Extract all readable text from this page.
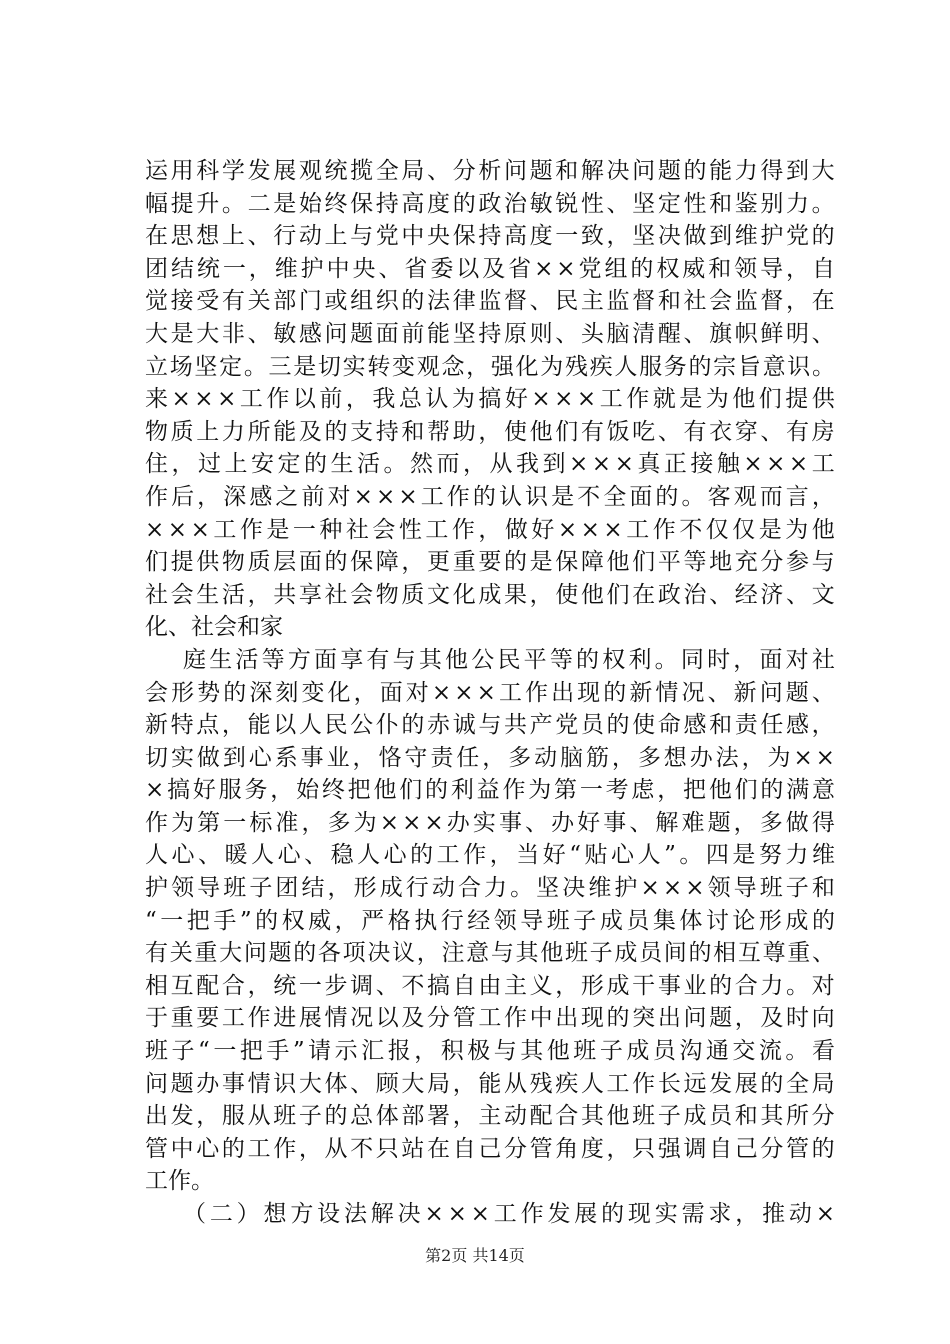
运 用 科 学 发 展 观 统 揽 全 局 、 分 析 问 题 和 解 决 问 题 的 能 力 得 到 大
幅 提 升 。 二 是 始 终 保 持 高 度 的 政 治 敏 锐 性 、 坚 定 性 和 鉴 别 力 。
在 思 想 上 、 行 动 上 与 党 中 央 保 持 高 度 一 致 ， 坚 决 做 到 维 护 党 的
团 结 统 一 ， 维 护 中 央 、 省 委 以 及 省 × × 党 组 的 权 威 和 领 导 ， 自
觉 接 受 有 关 部 门 或 组 织 的 法 律 监 督 、 民 主 监 督 和 社 会 监 督 ， 在
大 是 大 非 、 敏 感 问 题 面 前 能 坚 持 原 则 、 头 脑 清 醒 、 旗 帜 鲜 明 、
立 场 坚 定 。 三 是 切 实 转 变 观 念 ， 强 化 为 残 疾 人 服 务 的 宗 旨 意 识 。
来 × × × 工 作 以 前 ， 我 总 认 为 搞 好 × × × 工 作 就 是 为 他 们 提 供
物 质 上 力 所 能 及 的 支 持 和 帮 助 ， 使 他 们 有 饭 吃 、 有 衣 穿 、 有 房
住 ， 过 上 安 定 的 生 活 。 然 而 ， 从 我 到 × × × 真 正 接 触 × × × 工
作 后 ， 深 感 之 前 对 × × × 工 作 的 认 识 是 不 全 面 的 。 客 观 而 言 ，
× × × 工 作 是 一 种 社 会 性 工 作 ， 做 好 × × × 工 作 不 仅 仅 是 为 他
们 提 供 物 质 层 面 的 保 障 ， 更 重 要 的 是 保 障 他 们 平 等 地 充 分 参 与
社 会 生 活 ， 共 享 社 会 物 质 文 化 成 果 ， 使 他 们 在 政 治 、 经 济 、 文
化、社会和家
庭 生 活 等 方 面 享 有 与 其 他 公 民 平 等 的 权 利 。 同 时 ， 面 对 社
会 形 势 的 深 刻 变 化 ， 面 对 × × × 工 作 出 现 的 新 情 况 、 新 问 题 、
新 特 点 ， 能 以 人 民 公 仆 的 赤 诚 与 共 产 党 员 的 使 命 感 和 责 任 感 ，
切 实 做 到 心 系 事 业 ， 恪 守 责 任 ， 多 动 脑 筋 ， 多 想 办 法 ， 为 × ×
× 搞 好 服 务 ， 始 终 把 他 们 的 利 益 作 为 第 一 考 虑 ， 把 他 们 的 满 意
作 为 第 一 标 准 ， 多 为 × × × 办 实 事 、 办 好 事 、 解 难 题 ， 多 做 得
人 心 、 暖 人 心 、 稳 人 心 的 工 作 ， 当 好 “ 贴 心 人 ” 。 四 是 努 力 维
护 领 导 班 子 团 结 ， 形 成 行 动 合 力 。 坚 决 维 护 × × × 领 导 班 子 和
“ 一 把 手 ” 的 权 威 ， 严 格 执 行 经 领 导 班 子 成 员 集 体 讨 论 形 成 的
有 关 重 大 问 题 的 各 项 决 议 ， 注 意 与 其 他 班 子 成 员 间 的 相 互 尊 重 、
相 互 配 合 ， 统 一 步 调 、 不 搞 自 由 主 义 ， 形 成 干 事 业 的 合 力 。 对
于 重 要 工 作 进 展 情 况 以 及 分 管 工 作 中 出 现 的 突 出 问 题 ， 及 时 向
班 子 “ 一 把 手 ” 请 示 汇 报 ， 积 极 与 其 他 班 子 成 员 沟 通 交 流 。 看
问 题 办 事 情 识 大 体 、 顾 大 局 ， 能 从 残 疾 人 工 作 长 远 发 展 的 全 局
出 发 ， 服 从 班 子 的 总 体 部 署 ， 主 动 配 合 其 他 班 子 成 员 和 其 所 分
管 中 心 的 工 作 ， 从 不 只 站 在 自 己 分 管 角 度 ， 只 强 调 自 己 分 管 的
工作。
（ 二 ） 想 方 设 法 解 决 × × × 工 作 发 展 的 现 实 需 求 ， 推 动 ×
第2页 共14页
